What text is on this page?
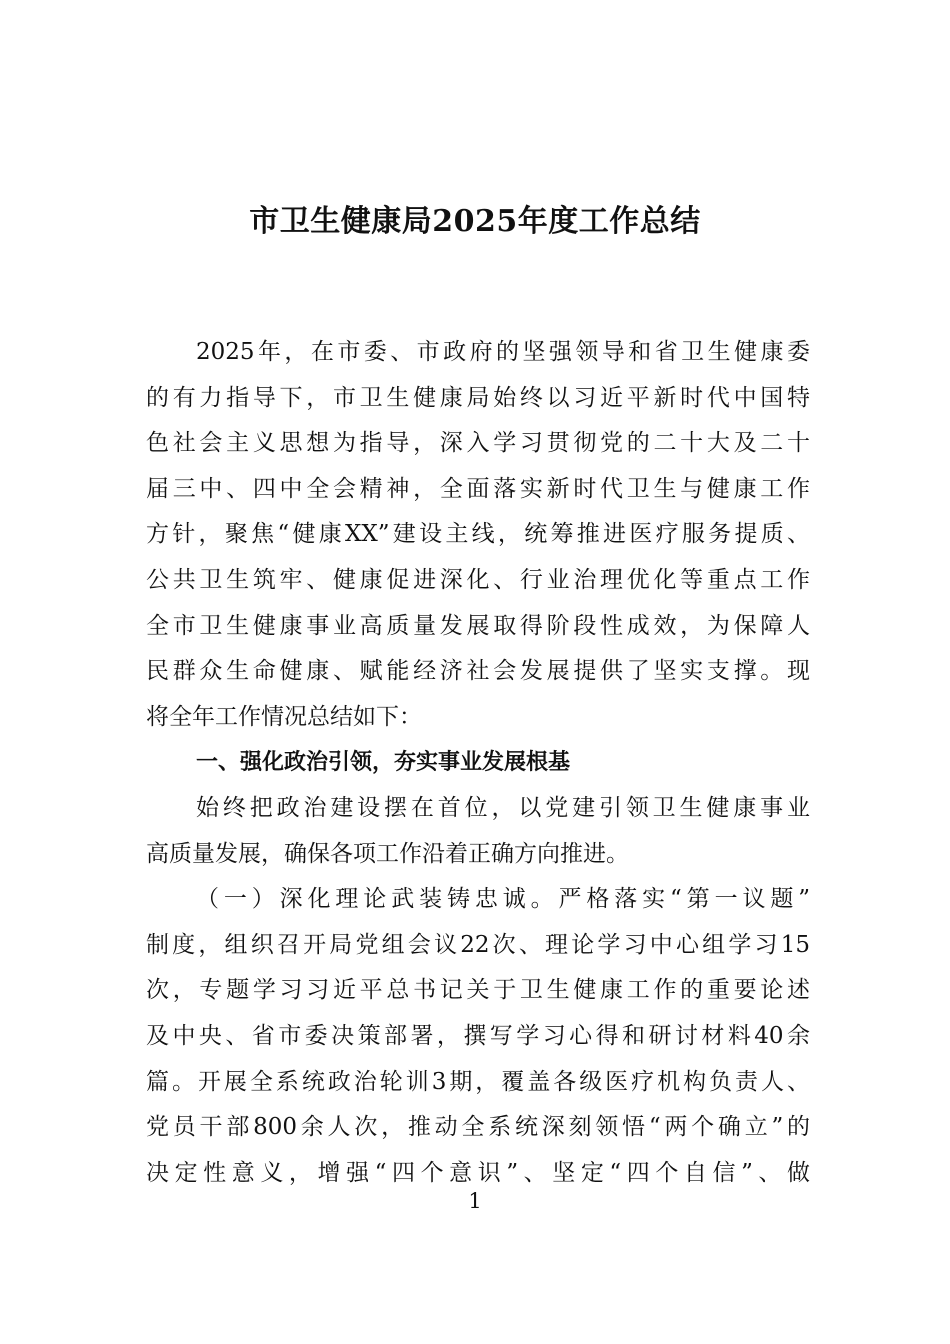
市卫生健康局2025年度工作总结
2025年，在市委、市政府的坚强领导和省卫生健康委
的有力指导下，市卫生健康局始终以习近平新时代中国特
色社会主义思想为指导，深入学习贯彻党的二十大及二十
届三中、四中全会精神，全面落实新时代卫生与健康工作
方针，聚焦“健康XX”建设主线，统筹推进医疗服务提质、
公共卫生筑牢、健康促进深化、行业治理优化等重点工作
全市卫生健康事业高质量发展取得阶段性成效，为保障人
民群众生命健康、赋能经济社会发展提供了坚实支撑。现
将全年工作情况总结如下：
一、强化政治引领，夯实事业发展根基
始终把政治建设摆在首位，以党建引领卫生健康事业
高质量发展，确保各项工作沿着正确方向推进。
（一）深化理论武装铸忠诚。严格落实“第一议题”
制度，组织召开局党组会议22次、理论学习中心组学习15
次，专题学习习近平总书记关于卫生健康工作的重要论述
及中央、省市委决策部署，撰写学习心得和研讨材料40余
篇。开展全系统政治轮训3期，覆盖各级医疗机构负责人、
党员干部800余人次，推动全系统深刻领悟“两个确立”的
决定性意义，增强“四个意识”、坚定“四个自信”、做
1
